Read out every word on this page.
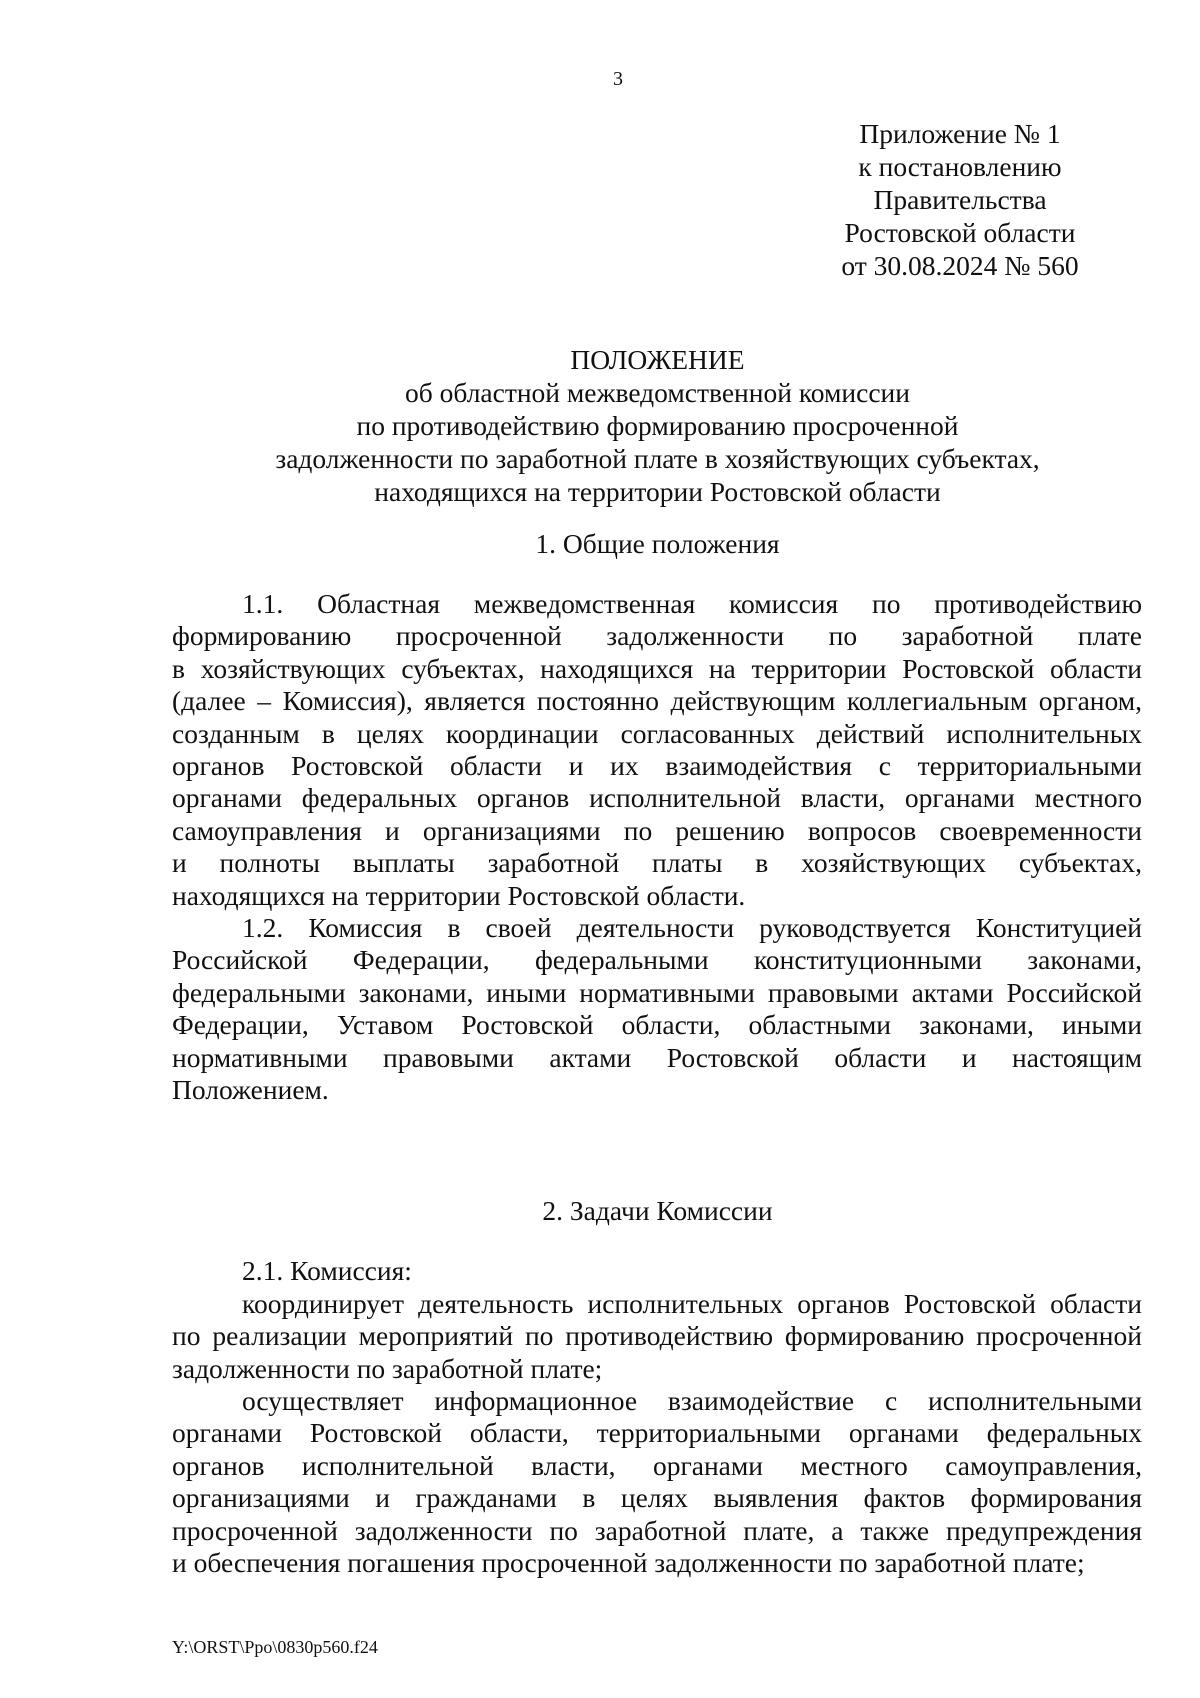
3
Приложение № 1
к постановлению
Правительства
Ростовской области
от 30.08.2024 № 560
ПОЛОЖЕНИЕ
об областной межведомственной комиссии
по противодействию формированию просроченной
задолженности по заработной плате в хозяйствующих субъектах,
находящихся на территории Ростовской области
1. Общие положения
1.1. Областная межведомственная комиссия по противодействию
формированию просроченной задолженности по заработной плате
в хозяйствующих субъектах, находящихся на территории Ростовской области
(далее – Комиссия), является постоянно действующим коллегиальным органом,
созданным в целях координации согласованных действий исполнительных
органов Ростовской области и их взаимодействия с территориальными
органами федеральных органов исполнительной власти, органами местного
самоуправления и организациями по решению вопросов своевременности
и полноты выплаты заработной платы в хозяйствующих субъектах,
находящихся на территории Ростовской области.
1.2. Комиссия в своей деятельности руководствуется Конституцией
Российской Федерации, федеральными конституционными законами,
федеральными законами, иными нормативными правовыми актами Российской
Федерации, Уставом Ростовской области, областными законами, иными
нормативными правовыми актами Ростовской области и настоящим
Положением.
2. Задачи Комиссии
2.1. Комиссия:
координирует деятельность исполнительных органов Ростовской области
по реализации мероприятий по противодействию формированию просроченной
задолженности по заработной плате;
осуществляет информационное взаимодействие с исполнительными
органами Ростовской области, территориальными органами федеральных
органов исполнительной власти, органами местного самоуправления,
организациями и гражданами в целях выявления фактов формирования
просроченной задолженности по заработной плате, а также предупреждения
и обеспечения погашения просроченной задолженности по заработной плате;
Y:\ORST\Ppo\0830p560.f24
